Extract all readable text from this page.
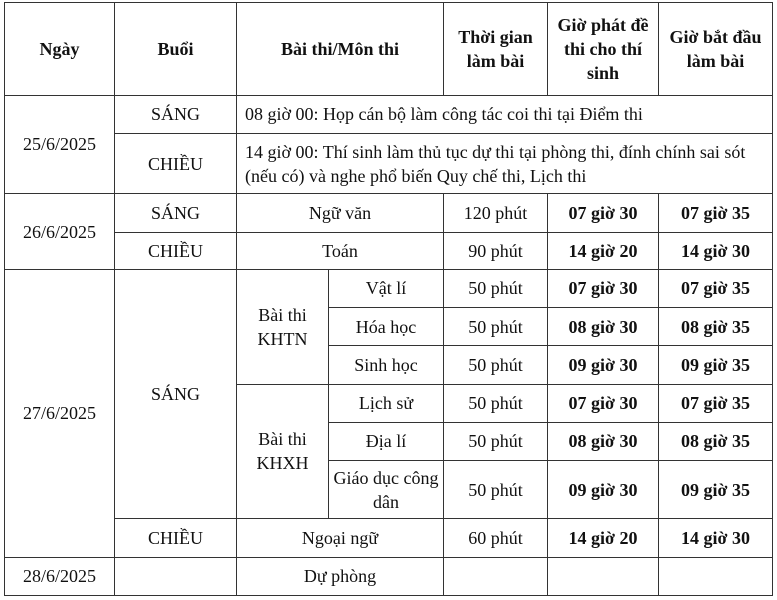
Ngày	Buổi	Bài thi/Môn thi		Thời gian làm bài	Giờ phát đề thi cho thí sinh	Giờ bắt đầu làm bài
25/6/2025	SÁNG	08 giờ 00: Họp cán bộ làm công tác coi thi tại Điểm thi				
	CHIỀU	14 giờ 00: Thí sinh làm thủ tục dự thi tại phòng thi, đính chính sai sót (nếu có) và nghe phổ biến Quy chế thi, Lịch thi				
26/6/2025	SÁNG	Ngữ văn		120 phút	07 giờ 30	07 giờ 35
	CHIỀU	Toán		90 phút	14 giờ 20	14 giờ 30
27/6/2025	SÁNG	Bài thi KHTN	Vật lí	50 phút	07 giờ 30	07 giờ 35
			Hóa học	50 phút	08 giờ 30	08 giờ 35
			Sinh học	50 phút	09 giờ 30	09 giờ 35
		Bài thi KHXH	Lịch sử	50 phút	07 giờ 30	07 giờ 35
			Địa lí	50 phút	08 giờ 30	08 giờ 35
			Giáo dục công dân	50 phút	09 giờ 30	09 giờ 35
	CHIỀU	Ngoại ngữ		60 phút	14 giờ 20	14 giờ 30
28/6/2025		Dự phòng				
